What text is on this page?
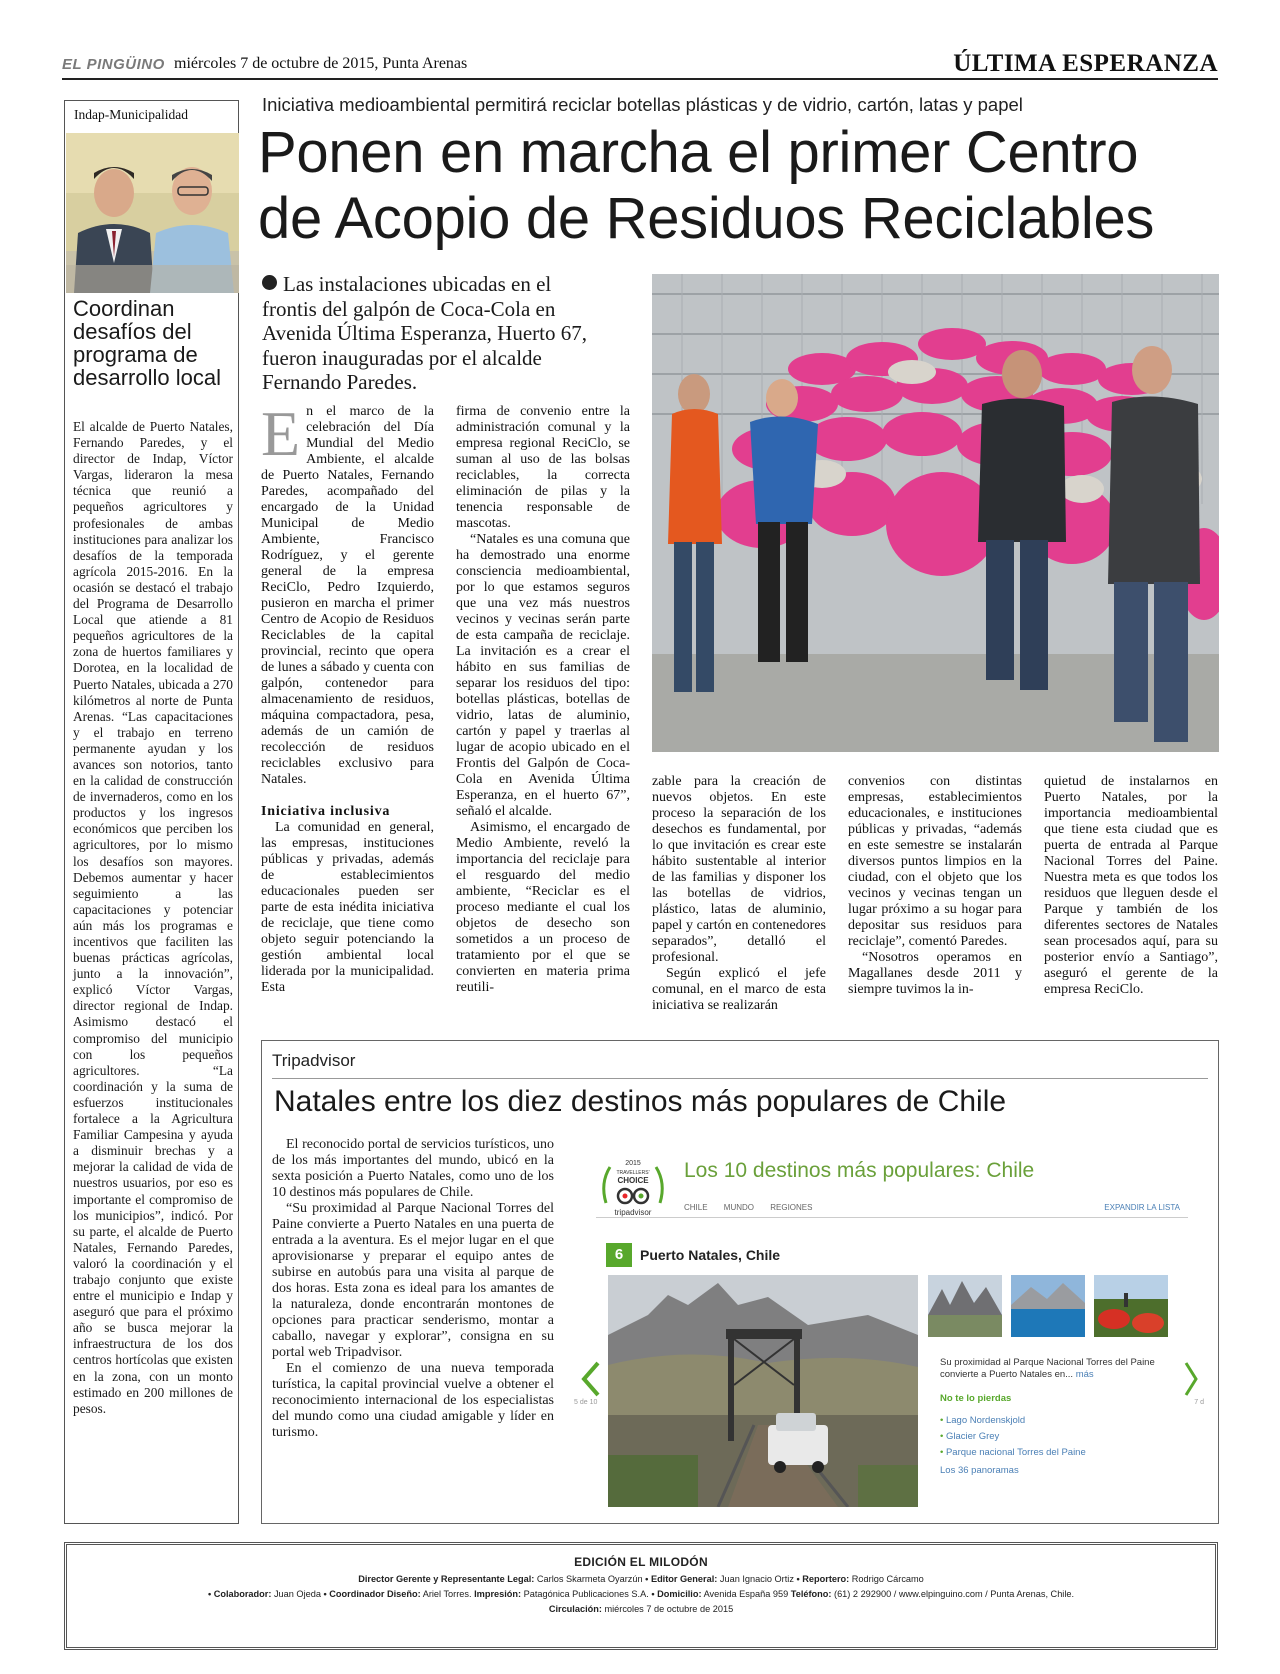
EL PINGÜINO miércoles 7 de octubre de 2015, Punta Arenas	ÚLTIMA ESPERANZA
Indap-Municipalidad
Coordinan desafíos del programa de desarrollo local
El alcalde de Puerto Natales, Fernando Paredes, y el director de Indap, Víctor Vargas, lideraron la mesa técnica que reunió a pequeños agricultores y profesionales de ambas instituciones para analizar los desafíos de la temporada agrícola 2015-2016. En la ocasión se destacó el trabajo del Programa de Desarrollo Local que atiende a 81 pequeños agricultores de la zona de huertos familiares y Dorotea, en la localidad de Puerto Natales, ubicada a 270 kilómetros al norte de Punta Arenas. “Las capacitaciones y el trabajo en terreno permanente ayudan y los avances son notorios, tanto en la calidad de construcción de invernaderos, como en los productos y los ingresos económicos que perciben los agricultores, por lo mismo los desafíos son mayores. Debemos aumentar y hacer seguimiento a las capacitaciones y potenciar aún más los programas e incentivos que faciliten las buenas prácticas agrícolas, junto a la innovación”, explicó Víctor Vargas, director regional de Indap. Asimismo destacó el compromiso del municipio con los pequeños agricultores. “La coordinación y la suma de esfuerzos institucionales fortalece a la Agricultura Familiar Campesina y ayuda a disminuir brechas y a mejorar la calidad de vida de nuestros usuarios, por eso es importante el compromiso de los municipios”, indicó. Por su parte, el alcalde de Puerto Natales, Fernando Paredes, valoró la coordinación y el trabajo conjunto que existe entre el municipio e Indap y aseguró que para el próximo año se busca mejorar la infraestructura de los dos centros hortícolas que existen en la zona, con un monto estimado en 200 millones de pesos.
Iniciativa medioambiental permitirá reciclar botellas plásticas y de vidrio, cartón, latas y papel
Ponen en marcha el primer Centro
de Acopio de Residuos Reciclables
Las instalaciones ubicadas en el frontis del galpón de Coca-Cola en Avenida Última Esperanza, Huerto 67, fueron inauguradas por el alcalde Fernando Paredes.
E n el marco de la celebración del Día Mundial del Medio Ambiente, el alcalde de Puerto Natales, Fernando Paredes, acompañado del encargado de la Unidad Municipal de Medio Ambiente, Francisco Rodríguez, y el gerente general de la empresa ReciClo, Pedro Izquierdo, pusieron en marcha el primer Centro de Acopio de Residuos Reciclables de la capital provincial, recinto que opera de lunes a sábado y cuenta con galpón, contenedor para almacenamiento de residuos, máquina compactadora, pesa, además de un camión de recolección de residuos reciclables exclusivo para Natales.

Iniciativa inclusiva

La comunidad en general, las empresas, instituciones públicas y privadas, además de establecimientos educacionales pueden ser parte de esta inédita iniciativa de reciclaje, que tiene como objeto seguir potenciando la gestión ambiental local liderada por la municipalidad. Esta

firma de convenio entre la administración comunal y la empresa regional ReciClo, se suman al uso de las bolsas reciclables, la correcta eliminación de pilas y la tenencia responsable de mascotas.

“Natales es una comuna que ha demostrado una enorme consciencia medioambiental, por lo que estamos seguros que una vez más nuestros vecinos y vecinas serán parte de esta campaña de reciclaje. La invitación es a crear el hábito en sus familias de separar los residuos del tipo: botellas plásticas, botellas de vidrio, latas de aluminio, cartón y papel y traerlas al lugar de acopio ubicado en el Frontis del Galpón de Coca-Cola en Avenida Última Esperanza, en el huerto 67”, señaló el alcalde.

Asimismo, el encargado de Medio Ambiente, reveló la importancia del reciclaje para el resguardo del medio ambiente, “Reciclar es el proceso mediante el cual los objetos de desecho son sometidos a un proceso de tratamiento por el que se convierten en materia prima reutili-

zable para la creación de nuevos objetos. En este proceso la separación de los desechos es fundamental, por lo que invitación es crear este hábito sustentable al interior de las familias y disponer los las botellas de vidrios, plástico, latas de aluminio, papel y cartón en contenedores separados”, detalló el profesional.

Según explicó el jefe comunal, en el marco de esta iniciativa se realizarán

convenios con distintas empresas, establecimientos educacionales, e instituciones públicas y privadas, “además en este semestre se instalarán diversos puntos limpios en la ciudad, con el objeto que los vecinos y vecinas tengan un lugar próximo a su hogar para depositar sus residuos para reciclaje”, comentó Paredes.

“Nosotros operamos en Magallanes desde 2011 y siempre tuvimos la in-

quietud de instalarnos en Puerto Natales, por la importancia medioambiental que tiene esta ciudad que es puerta de entrada al Parque Nacional Torres del Paine. Nuestra meta es que todos los residuos que lleguen desde el Parque y también de los diferentes sectores de Natales sean procesados aquí, para su posterior envío a Santiago”, aseguró el gerente de la empresa ReciClo.

Tripadvisor
Natales entre los diez destinos más populares de Chile

El reconocido portal de servicios turísticos, uno de los más importantes del mundo, ubicó en la sexta posición a Puerto Natales, como uno de los 10 destinos más populares de Chile.

“Su proximidad al Parque Nacional Torres del Paine convierte a Puerto Natales en una puerta de entrada a la aventura. Es el mejor lugar en el que aprovisionarse y preparar el equipo antes de subirse en autobús para una visita al parque de dos horas. Esta zona es ideal para los amantes de la naturaleza, donde encontrarán montones de opciones para practicar senderismo, montar a caballo, navegar y explorar”, consigna en su portal web Tripadvisor.

En el comienzo de una nueva temporada turística, la capital provincial vuelve a obtener el reconocimiento internacional de los especialistas del mundo como una ciudad amigable y líder en turismo.

2015
TRAVELLERS'
CHOICE
tripadvisor
Los 10 destinos más populares: Chile
CHILE MUNDO REGIONES	EXPANDIR LA LISTA
6	Puerto Natales, Chile
Su proximidad al Parque Nacional Torres del Paine convierte a Puerto Natales en... más
No te lo pierdas
• Lago Nordenskjold
• Glacier Grey
• Parque nacional Torres del Paine
Los 36 panoramas
5 de 10	7 d
EDICIÓN EL MILODÓN
Director Gerente y Representante Legal: Carlos Skarmeta Oyarzún • Editor General: Juan Ignacio Ortiz • Reportero: Rodrigo Cárcamo
• Colaborador: Juan Ojeda • Coordinador Diseño: Ariel Torres. Impresión: Patagónica Publicaciones S.A. • Domicilio: Avenida España 959 Teléfono: (61) 2 292900 / www.elpinguino.com / Punta Arenas, Chile.
Circulación: miércoles 7 de octubre de 2015
